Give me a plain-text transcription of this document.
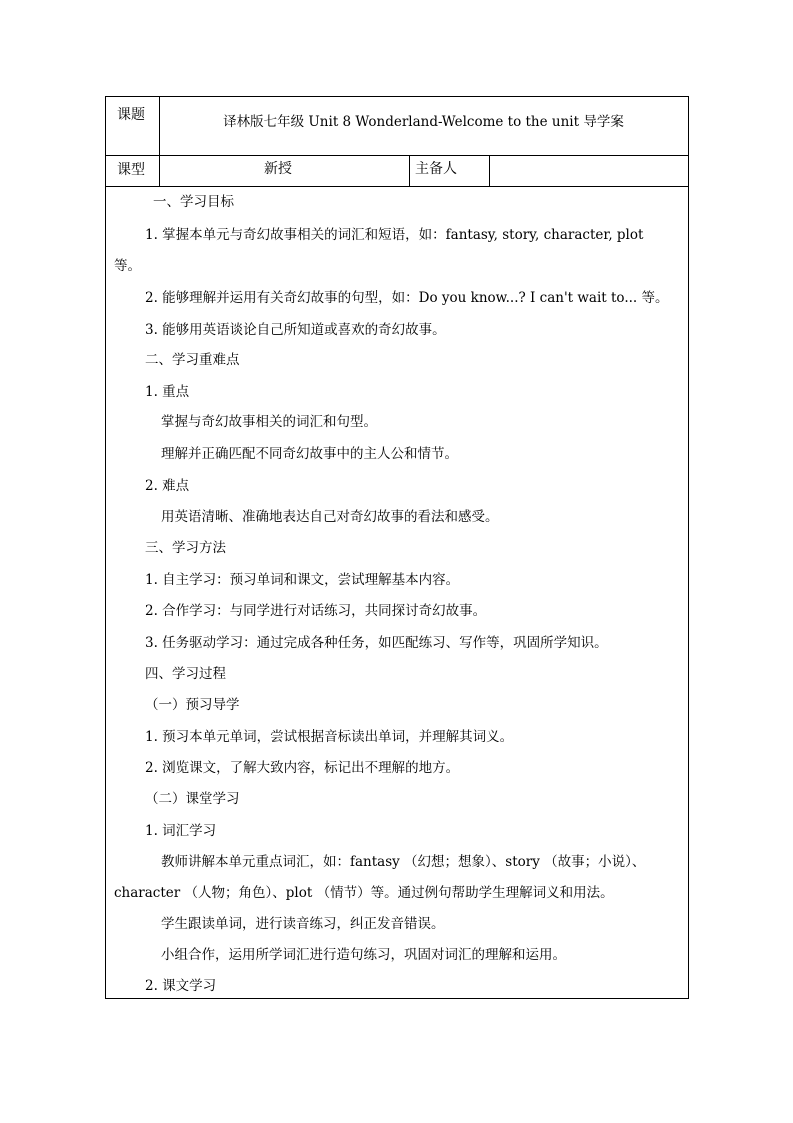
课题	译林版七年级 Unit 8 Wonderland-Welcome to the unit 导学案
课型	新授	主备人
一、学习目标
1. 掌握本单元与奇幻故事相关的词汇和短语，如：fantasy, story, character, plot
等。
2. 能够理解并运用有关奇幻故事的句型，如：Do you know...? I can't wait to... 等。
3. 能够用英语谈论自己所知道或喜欢的奇幻故事。
二、学习重难点
1. 重点
掌握与奇幻故事相关的词汇和句型。
理解并正确匹配不同奇幻故事中的主人公和情节。
2. 难点
用英语清晰、准确地表达自己对奇幻故事的看法和感受。
三、学习方法
1. 自主学习：预习单词和课文，尝试理解基本内容。
2. 合作学习：与同学进行对话练习，共同探讨奇幻故事。
3. 任务驱动学习：通过完成各种任务，如匹配练习、写作等，巩固所学知识。
四、学习过程
（一）预习导学
1. 预习本单元单词，尝试根据音标读出单词，并理解其词义。
2. 浏览课文，了解大致内容，标记出不理解的地方。
（二）课堂学习
1. 词汇学习
教师讲解本单元重点词汇，如：fantasy （幻想；想象）、story （故事；小说）、
character （人物；角色）、plot （情节）等。通过例句帮助学生理解词义和用法。
学生跟读单词，进行读音练习，纠正发音错误。
小组合作，运用所学词汇进行造句练习，巩固对词汇的理解和运用。
2. 课文学习
